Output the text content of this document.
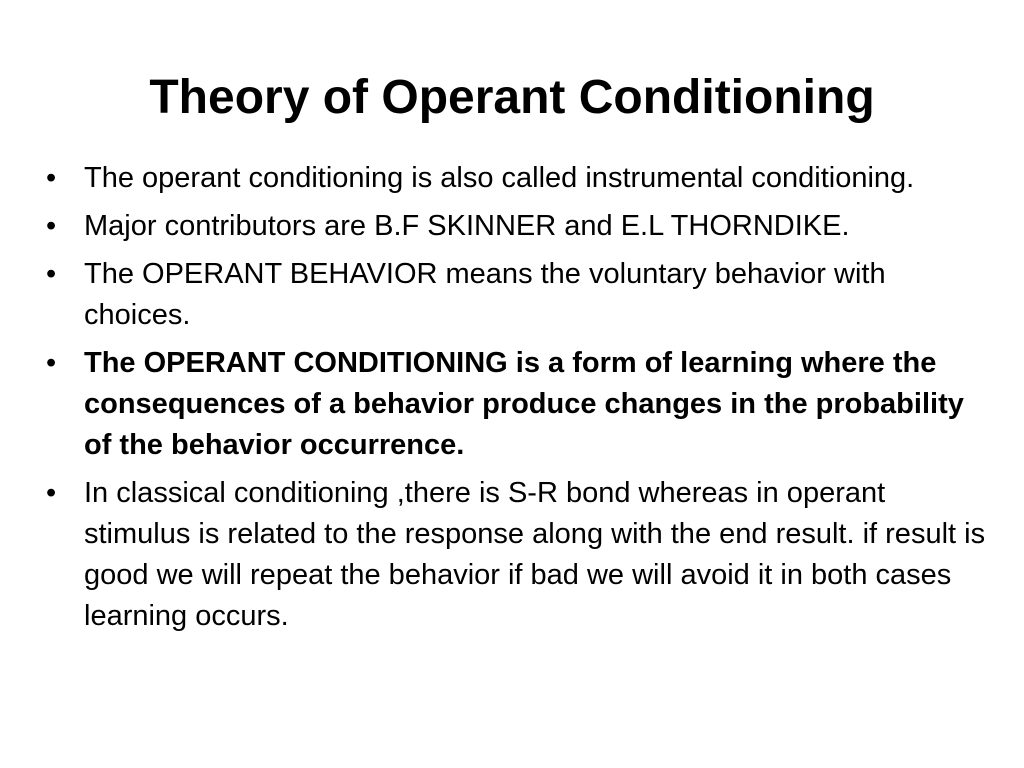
Theory of Operant Conditioning
• The operant conditioning is also called instrumental conditioning.
• Major contributors are B.F SKINNER and E.L THORNDIKE.
• The OPERANT BEHAVIOR means the voluntary behavior with choices.
• The OPERANT CONDITIONING is a form of learning where the consequences of a behavior produce changes in the probability of the behavior occurrence.
• In classical conditioning ,there is S-R bond whereas in operant stimulus is related to the response along with the end result. if result is good we will repeat the behavior if bad we will avoid it in both cases learning occurs.
